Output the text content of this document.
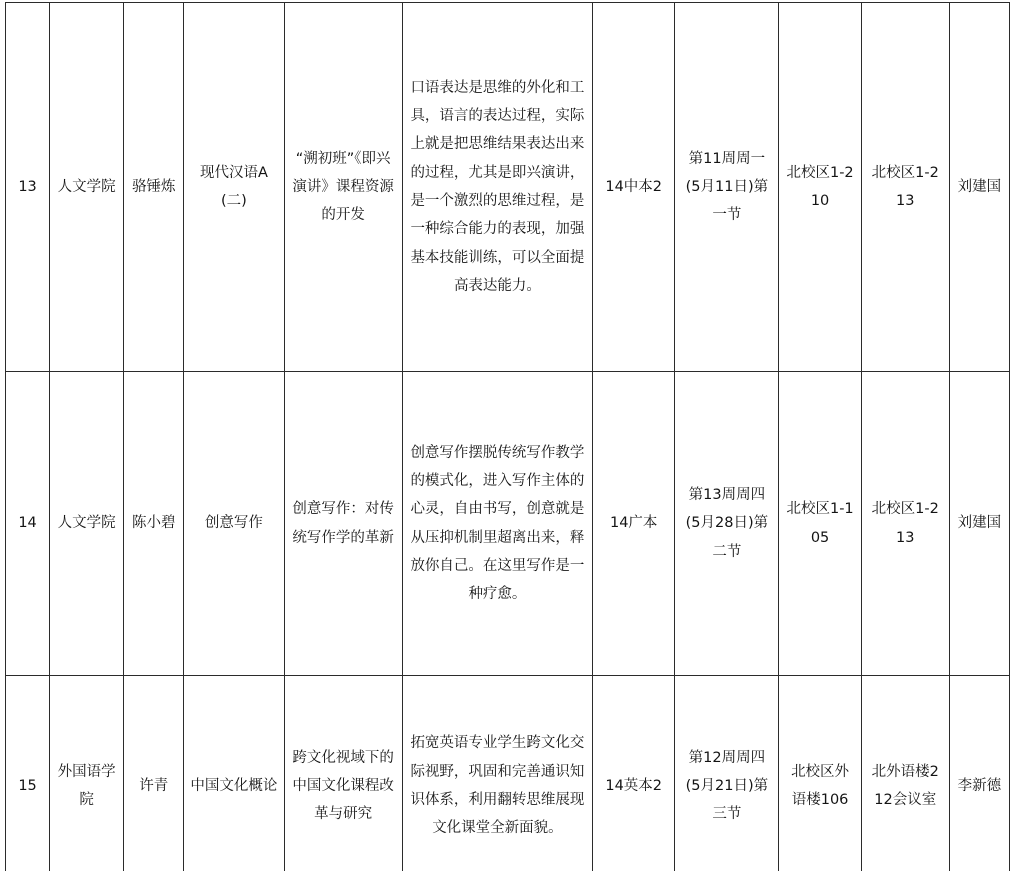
13	人文学院	骆锤炼	现代汉语A(二)	“溯初班”《即兴演讲》课程资源的开发	口语表达是思维的外化和工具，语言的表达过程，实际上就是把思维结果表达出来的过程，尤其是即兴演讲，是一个激烈的思维过程，是一种综合能力的表现，加强基本技能训练，可以全面提高表达能力。	14中本2	第11周周一(5月11日)第一节	北校区1-210	北校区1-213	刘建国
14	人文学院	陈小碧	创意写作	创意写作：对传统写作学的革新	创意写作摆脱传统写作教学的模式化，进入写作主体的心灵，自由书写，创意就是从压抑机制里超离出来，释放你自己。在这里写作是一种疗愈。	14广本	第13周周四(5月28日)第二节	北校区1-105	北校区1-213	刘建国
15	外国语学院	许青	中国文化概论	跨文化视域下的中国文化课程改革与研究	拓宽英语专业学生跨文化交际视野，巩固和完善通识知识体系，利用翻转思维展现文化课堂全新面貌。	14英本2	第12周周四(5月21日)第三节	北校区外语楼106	北外语楼212会议室	李新德
